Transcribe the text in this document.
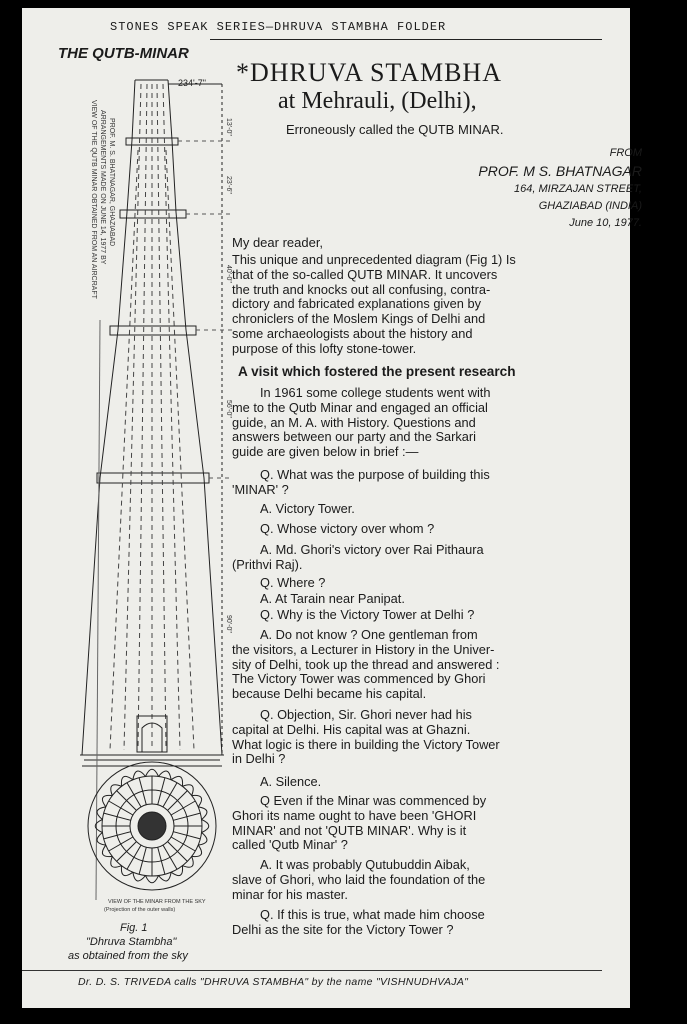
STONES SPEAK SERIES—DHRUVA STAMBHA FOLDER
THE QUTB-MINAR
13'-0"
23'-6"
40'-0"
56'-0"
90'-0"
VIEW OF THE QUTB MINAR OBTAINED FROM AN AIRCRAFT ARRANGEMENTS MADE ON JUNE 14, 1977 BY PROF. M. S. BHATNAGAR, GHAZIABAD
VIEW OF THE MINAR FROM THE SKY
(Projection of the outer walls)
234'-7"
Fig. 1
"Dhruva Stambha"
as obtained from the sky
*DHRUVA STAMBHA
at Mehrauli, (Delhi),
Erroneously called the QUTB MINAR.
FROM
PROF. M S. BHATNAGAR
164, MIRZAJAN STREET,
GHAZIABAD (INDIA)
June 10, 1977.
My dear reader,
This unique and unprecedented diagram (Fig 1) Is
that of the so-called QUTB MINAR. It uncovers
the truth and knocks out all confusing, contra-
dictory and fabricated explanations given by
chroniclers of the Moslem Kings of Delhi and
some archaeologists about the history and
purpose of this lofty stone-tower.
A visit which fostered the present research
In 1961 some college students went with
me to the Qutb Minar and engaged an official
guide, an M. A. with History. Questions and
answers between our party and the Sarkari
guide are given below in brief :—
Q. What was the purpose of building this
'MINAR' ?
A. Victory Tower.
Q. Whose victory over whom ?
A. Md. Ghori's victory over Rai Pithaura
(Prithvi Raj).
Q. Where ?
A. At Tarain near Panipat.
Q. Why is the Victory Tower at Delhi ?
A. Do not know ? One gentleman from
the visitors, a Lecturer in History in the Univer-
sity of Delhi, took up the thread and answered :
The Victory Tower was commenced by Ghori
because Delhi became his capital.
Q. Objection, Sir. Ghori never had his
capital at Delhi. His capital was at Ghazni.
What logic is there in building the Victory Tower
in Delhi ?
A. Silence.
Q Even if the Minar was commenced by
Ghori its name ought to have been 'GHORI
MINAR' and not 'QUTB MINAR'. Why is it
called 'Qutb Minar' ?
A. It was probably Qutubuddin Aibak,
slave of Ghori, who laid the foundation of the
minar for his master.
Q. If this is true, what made him choose
Delhi as the site for the Victory Tower ?
Dr. D. S. TRIVEDA calls "DHRUVA STAMBHA" by the name "VISHNUDHVAJA"
